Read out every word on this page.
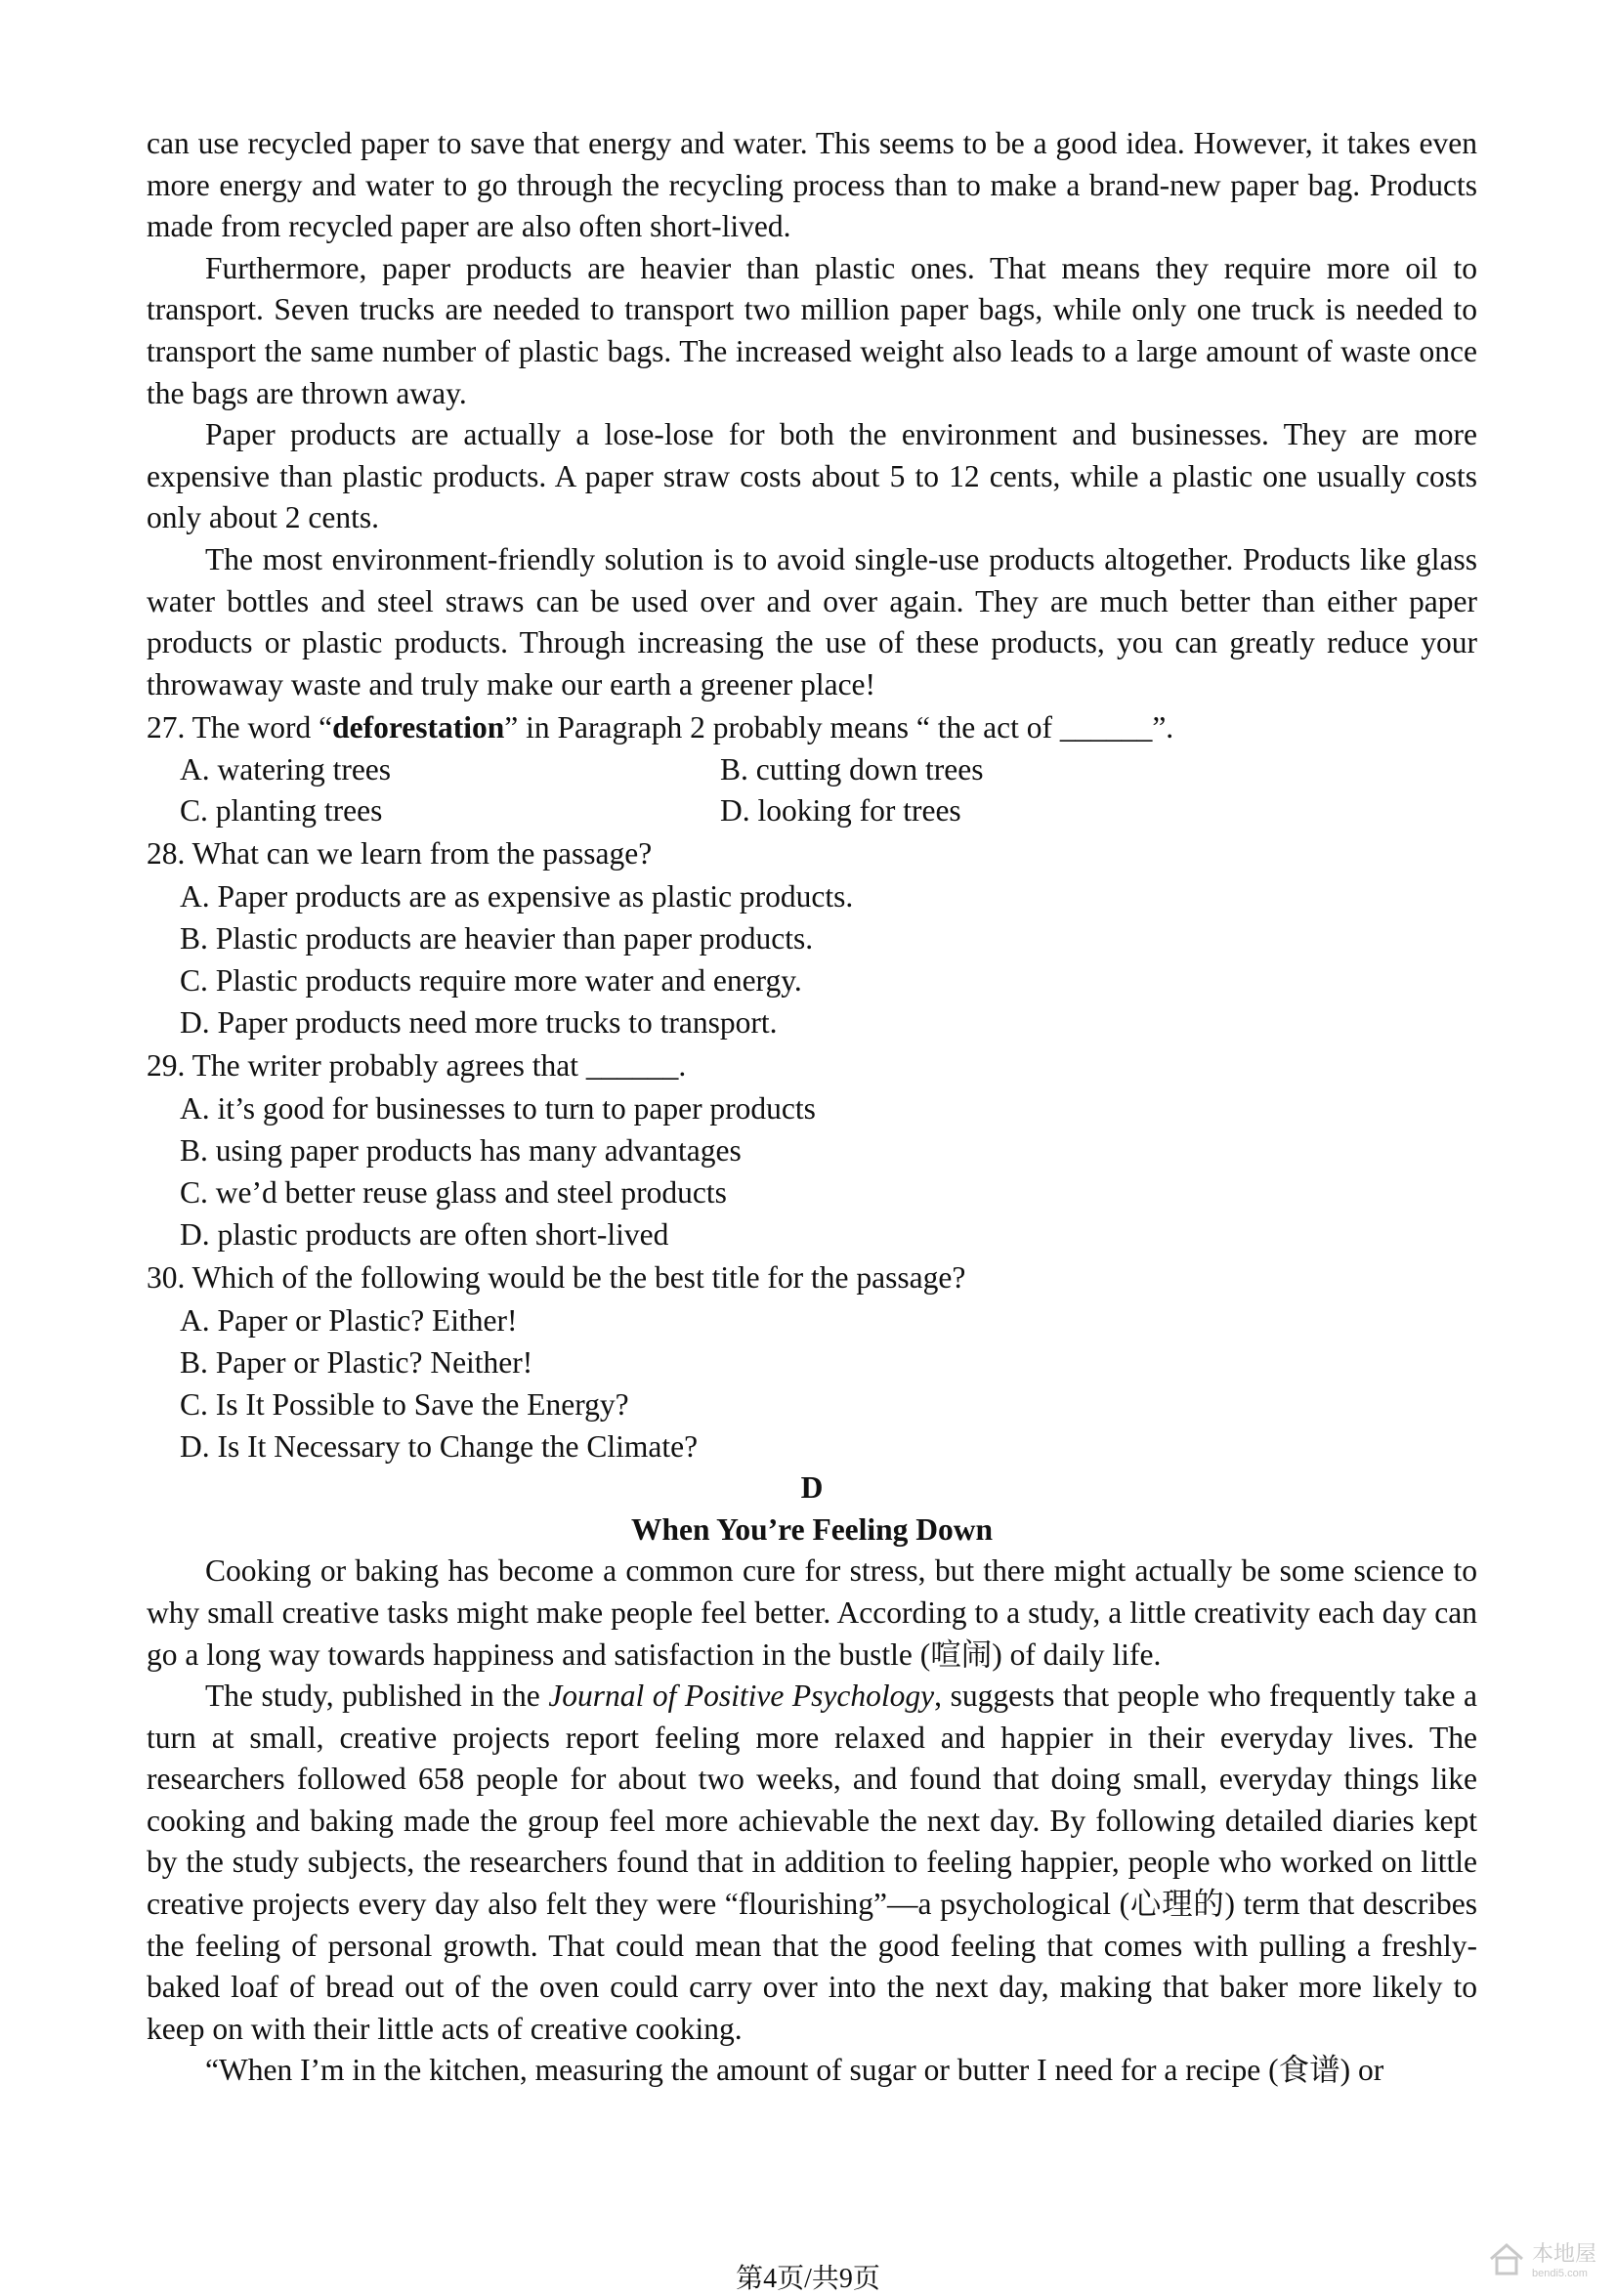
can use recycled paper to save that energy and water. This seems to be a good idea. However, it takes even more energy and water to go through the recycling process than to make a brand-new paper bag. Products made from recycled paper are also often short-lived.

Furthermore, paper products are heavier than plastic ones. That means they require more oil to transport. Seven trucks are needed to transport two million paper bags, while only one truck is needed to transport the same number of plastic bags. The increased weight also leads to a large amount of waste once the bags are thrown away.

Paper products are actually a lose-lose for both the environment and businesses. They are more expensive than plastic products. A paper straw costs about 5 to 12 cents, while a plastic one usually costs only about 2 cents.

The most environment-friendly solution is to avoid single-use products altogether. Products like glass water bottles and steel straws can be used over and over again. They are much better than either paper products or plastic products. Through increasing the use of these products, you can greatly reduce your throwaway waste and truly make our earth a greener place!

27. The word “deforestation” in Paragraph 2 probably means “ the act of ______”.

A. watering trees	B. cutting down trees
C. planting trees	D. looking for trees

28. What can we learn from the passage?

A. Paper products are as expensive as plastic products.
B. Plastic products are heavier than paper products.
C. Plastic products require more water and energy.
D. Paper products need more trucks to transport.

29. The writer probably agrees that ______.

A. it’s good for businesses to turn to paper products
B. using paper products has many advantages
C. we’d better reuse glass and steel products
D. plastic products are often short-lived

30. Which of the following would be the best title for the passage?

A. Paper or Plastic? Either!
B. Paper or Plastic? Neither!
C. Is It Possible to Save the Energy?
D. Is It Necessary to Change the Climate?

D

When You’re Feeling Down

Cooking or baking has become a common cure for stress, but there might actually be some science to why small creative tasks might make people feel better. According to a study, a little creativity each day can go a long way towards happiness and satisfaction in the bustle (喧闹) of daily life.

The study, published in the Journal of Positive Psychology, suggests that people who frequently take a turn at small, creative projects report feeling more relaxed and happier in their everyday lives. The researchers followed 658 people for about two weeks, and found that doing small, everyday things like cooking and baking made the group feel more achievable the next day. By following detailed diaries kept by the study subjects, the researchers found that in addition to feeling happier, people who worked on little creative projects every day also felt they were “flourishing”—a psychological (心理的) term that describes the feeling of personal growth. That could mean that the good feeling that comes with pulling a freshly-baked loaf of bread out of the oven could carry over into the next day, making that baker more likely to keep on with their little acts of creative cooking.

“When I’m in the kitchen, measuring the amount of sugar or butter I need for a recipe (食谱) or

第4页/共9页
本地屋
bendi5.com
